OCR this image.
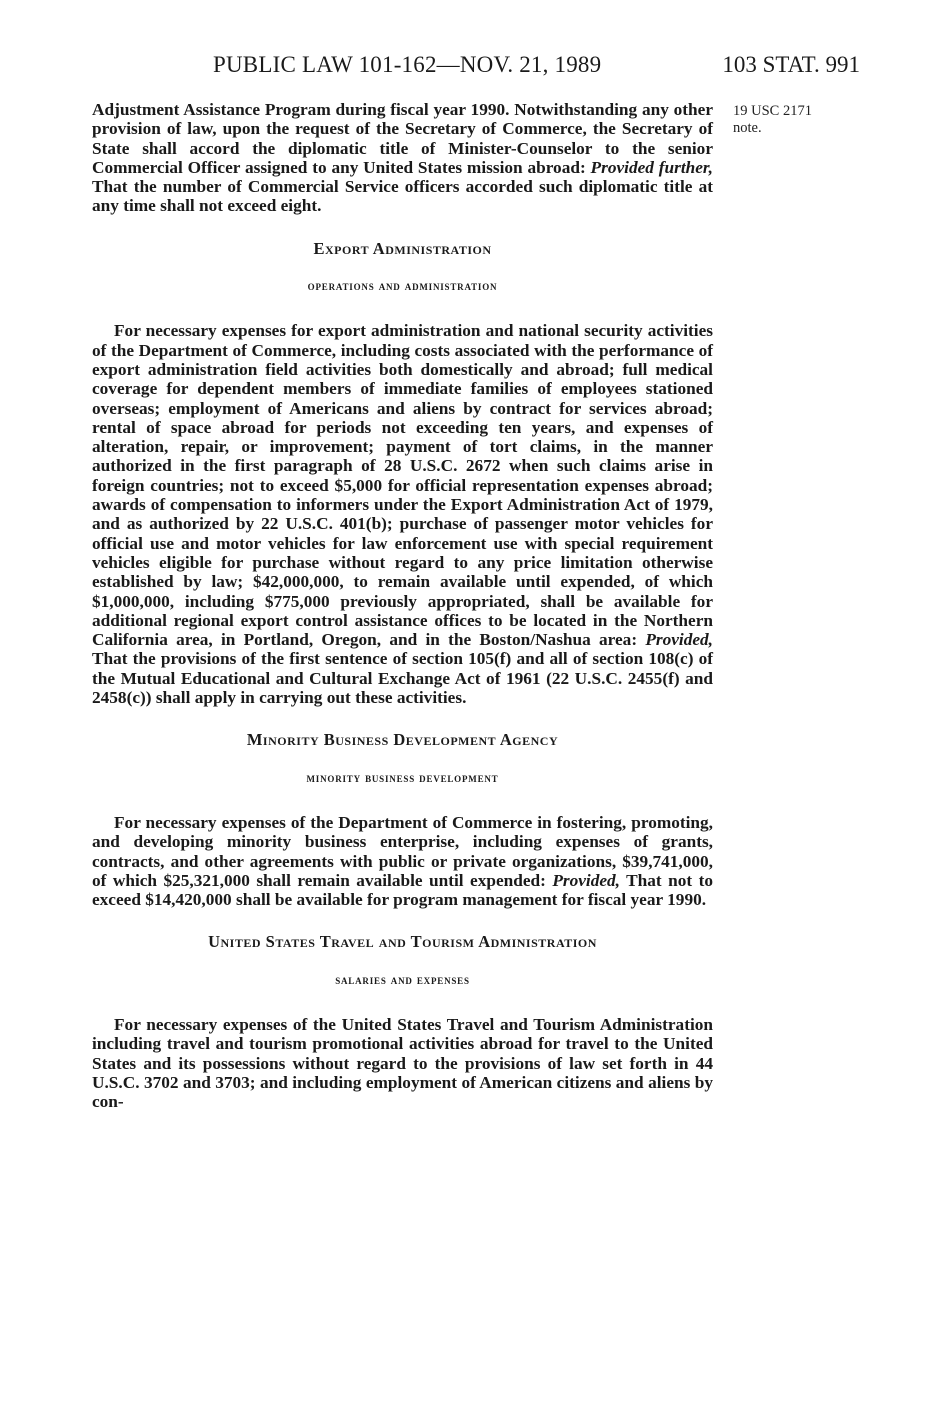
PUBLIC LAW 101-162—NOV. 21, 1989	103 STAT. 991
19 USC 2171
note.

Adjustment Assistance Program during fiscal year 1990. Notwithstanding any other provision of law, upon the request of the Secretary of Commerce, the Secretary of State shall accord the diplomatic title of Minister-Counselor to the senior Commercial Officer assigned to any United States mission abroad: Provided further, That the number of Commercial Service officers accorded such diplomatic title at any time shall not exceed eight.

Export Administration
operations and administration

For necessary expenses for export administration and national security activities of the Department of Commerce, including costs associated with the performance of export administration field activities both domestically and abroad; full medical coverage for dependent members of immediate families of employees stationed overseas; employment of Americans and aliens by contract for services abroad; rental of space abroad for periods not exceeding ten years, and expenses of alteration, repair, or improvement; payment of tort claims, in the manner authorized in the first paragraph of 28 U.S.C. 2672 when such claims arise in foreign countries; not to exceed $5,000 for official representation expenses abroad; awards of compensation to informers under the Export Administration Act of 1979, and as authorized by 22 U.S.C. 401(b); purchase of passenger motor vehicles for official use and motor vehicles for law enforcement use with special requirement vehicles eligible for purchase without regard to any price limitation otherwise established by law; $42,000,000, to remain available until expended, of which $1,000,000, including $775,000 previously appropriated, shall be available for additional regional export control assistance offices to be located in the Northern California area, in Portland, Oregon, and in the Boston/Nashua area: Provided, That the provisions of the first sentence of section 105(f) and all of section 108(c) of the Mutual Educational and Cultural Exchange Act of 1961 (22 U.S.C. 2455(f) and 2458(c)) shall apply in carrying out these activities.

Minority Business Development Agency
minority business development

For necessary expenses of the Department of Commerce in fostering, promoting, and developing minority business enterprise, including expenses of grants, contracts, and other agreements with public or private organizations, $39,741,000, of which $25,321,000 shall remain available until expended: Provided, That not to exceed $14,420,000 shall be available for program management for fiscal year 1990.

United States Travel and Tourism Administration
salaries and expenses

For necessary expenses of the United States Travel and Tourism Administration including travel and tourism promotional activities abroad for travel to the United States and its possessions without regard to the provisions of law set forth in 44 U.S.C. 3702 and 3703; and including employment of American citizens and aliens by con-
